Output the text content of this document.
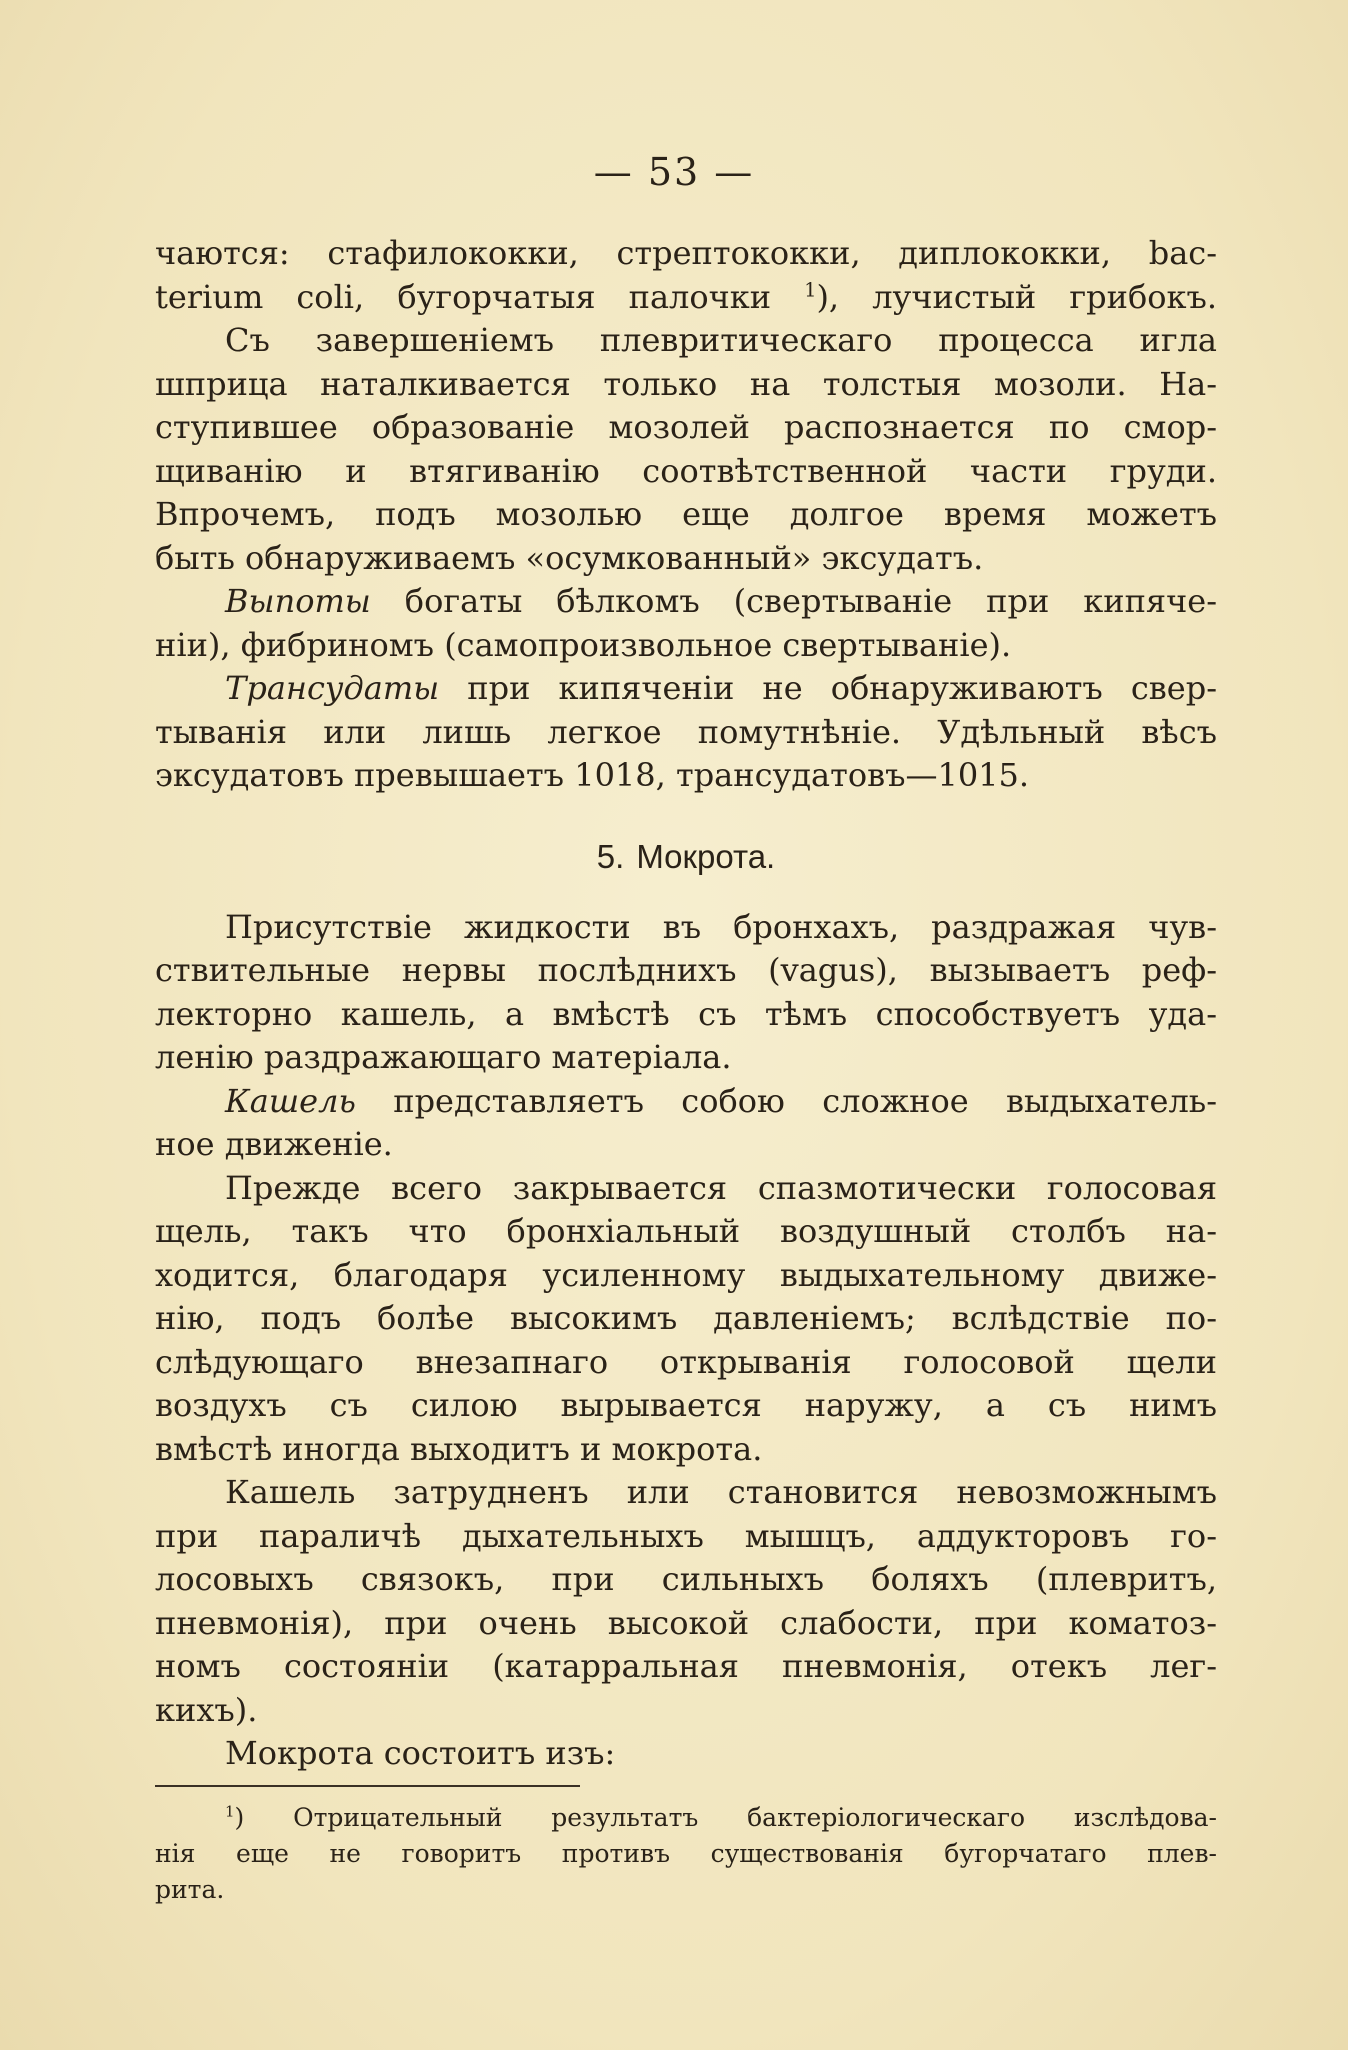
— 53 —
чаются: стафилококки, стрептококки, диплококки, bac-
terium coli, бугорчатыя палочки $^1$), лучистый грибокъ.
Съ завершеніемъ плевритическаго процесса игла
шприца наталкивается только на толстыя мозоли. На-
ступившее образованіе мозолей распознается по смор-
щиванію и втягиванію соотвѣтственной части груди.
Впрочемъ, подъ мозолью еще долгое время можетъ
быть обнаруживаемъ «осумкованный» эксудатъ.
Выпоты богаты бѣлкомъ (свертываніе при кипяче-
ніи), фибриномъ (самопроизвольное свертываніе).
Трансудаты при кипяченіи не обнаруживаютъ свер-
тыванія или лишь легкое помутнѣніе. Удѣльный вѣсъ
эксудатовъ превышаетъ 1018, трансудатовъ—1015.
5. Мокрота.
Присутствіе жидкости въ бронхахъ, раздражая чув-
ствительные нервы послѣднихъ (vagus), вызываетъ реф-
лекторно кашель, а вмѣстѣ съ тѣмъ способствуетъ уда-
ленію раздражающаго матеріала.
Кашель представляетъ собою сложное выдыхатель-
ное движеніе.
Прежде всего закрывается спазмотически голосовая
щель, такъ что бронхіальный воздушный столбъ на-
ходится, благодаря усиленному выдыхательному движе-
нію, подъ болѣе высокимъ давленіемъ; вслѣдствіе по-
слѣдующаго внезапнаго открыванія голосовой щели
воздухъ съ силою вырывается наружу, а съ нимъ
вмѣстѣ иногда выходитъ и мокрота.
Кашель затрудненъ или становится невозможнымъ
при параличѣ дыхательныхъ мышцъ, аддукторовъ го-
лосовыхъ связокъ, при сильныхъ боляхъ (плевритъ,
пневмонія), при очень высокой слабости, при коматоз-
номъ состояніи (катарральная пневмонія, отекъ лег-
кихъ).
Мокрота состоитъ изъ:
$^1$) Отрицательный результатъ бактеріологическаго изслѣдова-
нія еще не говоритъ противъ существованія бугорчатаго плев-
рита.
